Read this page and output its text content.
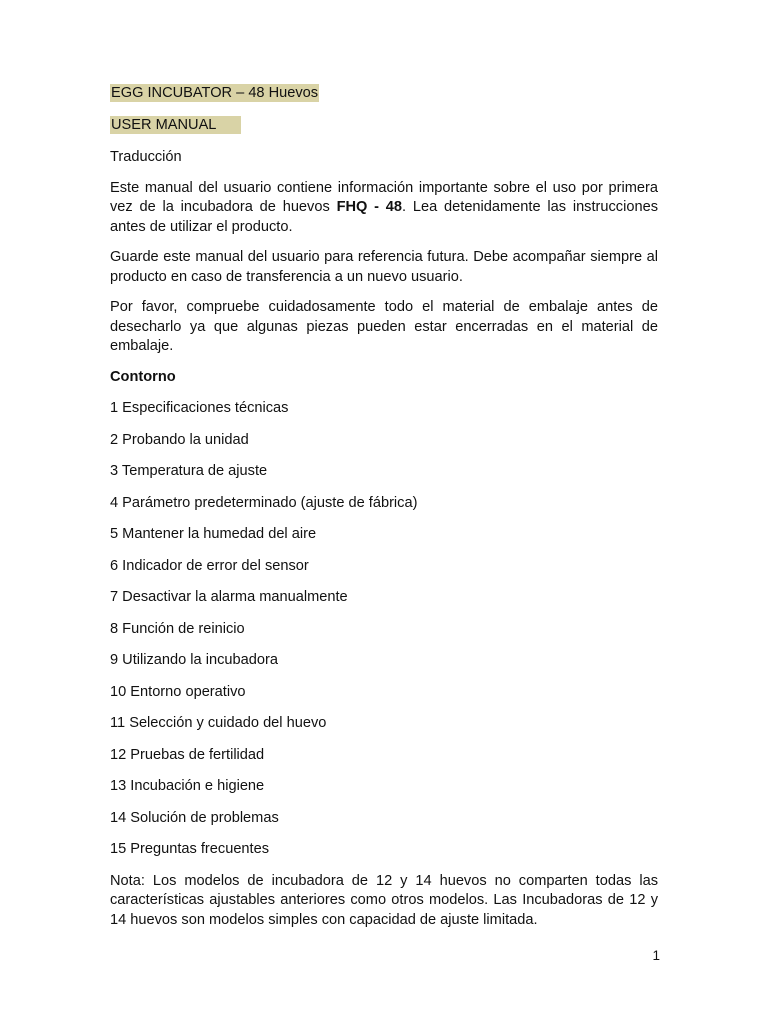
EGG INCUBATOR – 48 Huevos
USER MANUAL

Traducción

Este manual del usuario contiene información importante sobre el uso por primera vez de la incubadora de huevos FHQ - 48. Lea detenidamente las instrucciones antes de utilizar el producto.

Guarde este manual del usuario para referencia futura. Debe acompañar siempre al producto en caso de transferencia a un nuevo usuario.

Por favor, compruebe cuidadosamente todo el material de embalaje antes de desecharlo ya que algunas piezas pueden estar encerradas en el material de embalaje.

Contorno

1 Especificaciones técnicas

2 Probando la unidad

3 Temperatura de ajuste

4 Parámetro predeterminado (ajuste de fábrica)

5 Mantener la humedad del aire

6 Indicador de error del sensor

7 Desactivar la alarma manualmente

8 Función de reinicio

9 Utilizando la incubadora

10 Entorno operativo

11 Selección y cuidado del huevo

12 Pruebas de fertilidad

13 Incubación e higiene

14 Solución de problemas

15 Preguntas frecuentes

Nota: Los modelos de incubadora de 12 y 14 huevos no comparten todas las características ajustables anteriores como otros modelos. Las Incubadoras de 12 y 14 huevos son modelos simples con capacidad de ajuste limitada.

1
